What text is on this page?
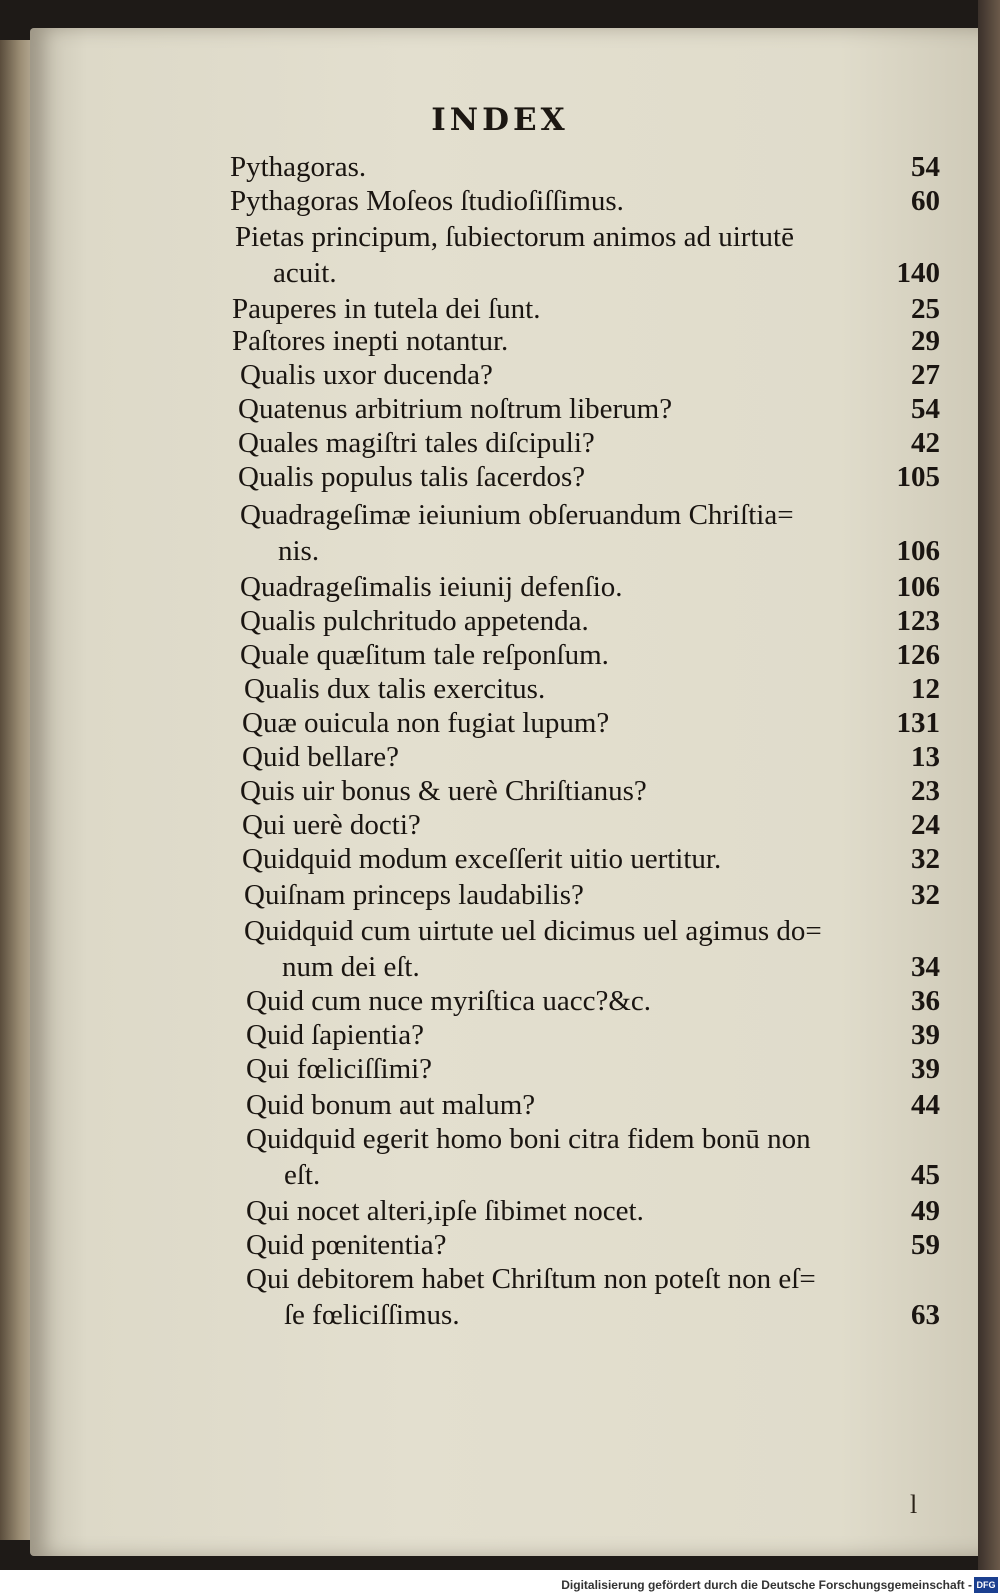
INDEX
Pythagoras.	54
Pythagoras Moſeos ſtudioſiſſimus.	60
Pietas principum, ſubiectorum animos ad uirtutē
acuit.	140
Pauperes in tutela dei ſunt.	25
Paſtores inepti notantur.	29
Qualis uxor ducenda?	27
Quatenus arbitrium noſtrum liberum?	54
Quales magiſtri tales diſcipuli?	42
Qualis populus talis ſacerdos?	105
Quadrageſimæ ieiunium obſeruandum Chriſtia=
nis.	106
Quadrageſimalis ieiunij defenſio.	106
Qualis pulchritudo appetenda.	123
Quale quæſitum tale reſponſum.	126
Qualis dux talis exercitus.	12
Quæ ouicula non fugiat lupum?	131
Quid bellare?	13
Quis uir bonus & uerè Chriſtianus?	23
Qui uerè docti?	24
Quidquid modum exceſſerit uitio uertitur.	32
Quiſnam princeps laudabilis?	32
Quidquid cum uirtute uel dicimus uel agimus do=
num dei eſt.	34
Quid cum nuce myriſtica uacc?&c.	36
Quid ſapientia?	39
Qui fœliciſſimi?	39
Quid bonum aut malum?	44
Quidquid egerit homo boni citra fidem bonū non
eſt.	45
Qui nocet alteri,ipſe ſibimet nocet.	49
Quid pœnitentia?	59
Qui debitorem habet Chriſtum non poteſt non eſ=
ſe fœliciſſimus.	63
l
Digitalisierung gefördert durch die Deutsche Forschungsgemeinschaft - DFG
